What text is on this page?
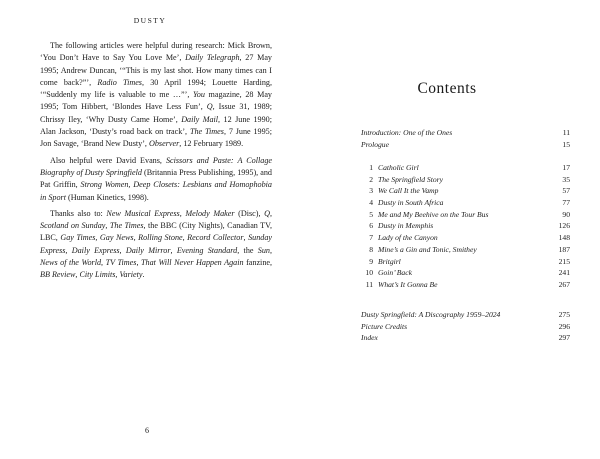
DUSTY

The following articles were helpful during research: Mick Brown, ‘You Don’t Have to Say You Love Me’, Daily Telegraph, 27 May 1995; Andrew Duncan, ‘“This is my last shot. How many times can I come back?”’, Radio Times, 30 April 1994; Louette Harding, ‘“Suddenly my life is valuable to me …”’, You magazine, 28 May 1995; Tom Hibbert, ‘Blondes Have Less Fun’, Q, Issue 31, 1989; Chrissy Iley, ‘Why Dusty Came Home’, Daily Mail, 12 June 1990; Alan Jackson, ‘Dusty’s road back on track’, The Times, 7 June 1995; Jon Savage, ‘Brand New Dusty’, Observer, 12 February 1989.

Also helpful were David Evans, Scissors and Paste: A Collage Biography of Dusty Springfield (Britannia Press Publishing, 1995), and Pat Griffin, Strong Women, Deep Closets: Lesbians and Homophobia in Sport (Human Kinetics, 1998).

Thanks also to: New Musical Express, Melody Maker (Disc), Q, Scotland on Sunday, The Times, the BBC (City Nights), Canadian TV, LBC, Gay Times, Gay News, Rolling Stone, Record Collector, Sunday Express, Daily Express, Daily Mirror, Evening Standard, the Sun, News of the World, TV Times, That Will Never Happen Again fanzine, BB Review, City Limits, Variety.

6
Contents
Introduction: One of the Ones	11
Prologue	15
1 Catholic Girl	17
2 The Springfield Story	35
3 We Call It the Vamp	57
4 Dusty in South Africa	77
5 Me and My Beehive on the Tour Bus	90
6 Dusty in Memphis	126
7 Lady of the Canyon	148
8 Mine’s a Gin and Tonic, Smithey	187
9 Britgirl	215
10 Goin’ Back	241
11 What’s It Gonna Be	267
Dusty Springfield: A Discography 1959–2024	275
Picture Credits	296
Index	297
